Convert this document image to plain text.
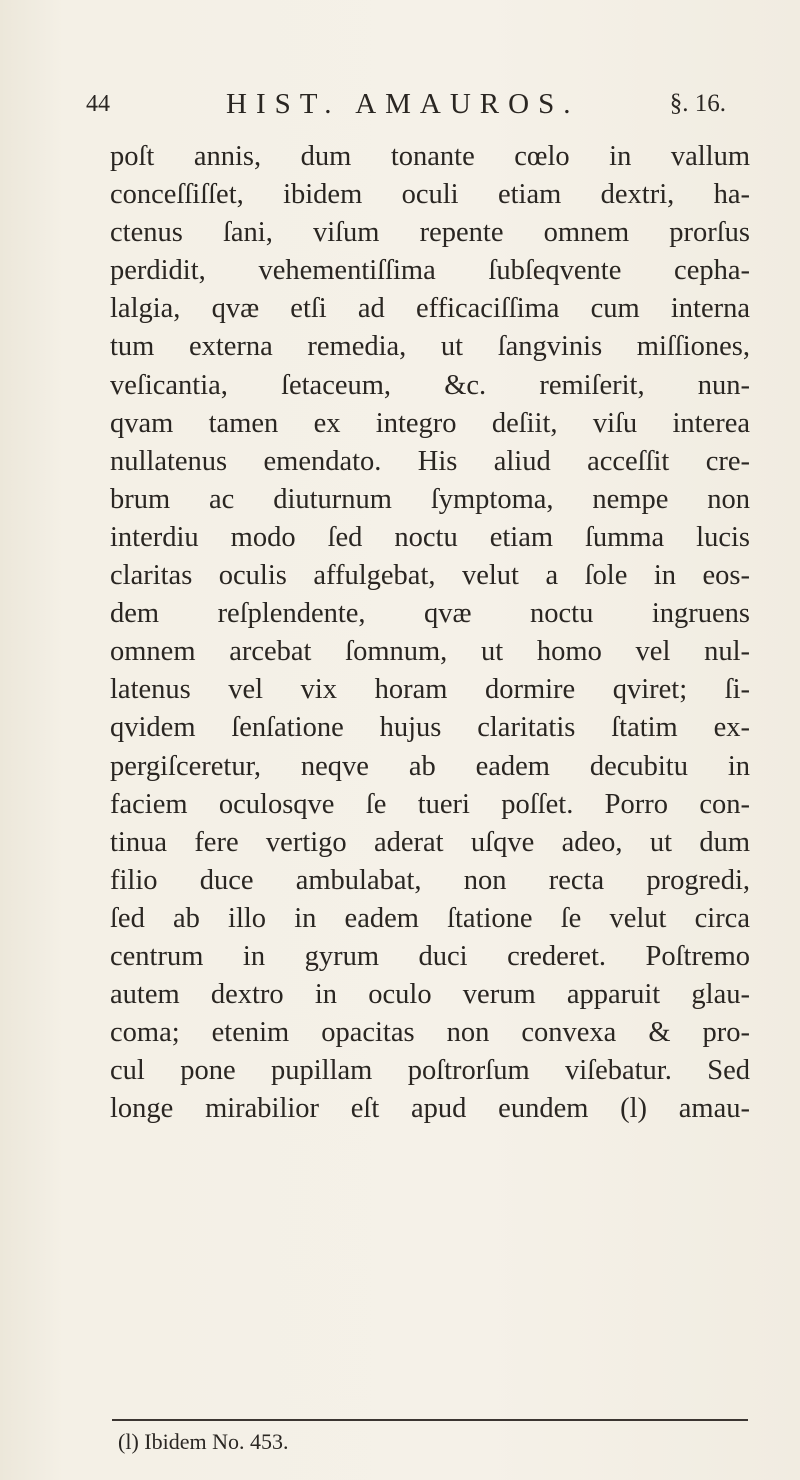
44	HIST. AMAUROS.	§. 16.
poſt annis, dum tonante cœlo in vallum
conceſſiſſet, ibidem oculi etiam dextri, ha-
ctenus ſani, viſum repente omnem prorſus
perdidit, vehementiſſima ſubſeqvente cepha-
lalgia, qvæ etſi ad efficaciſſima cum interna
tum externa remedia, ut ſangvinis miſſiones,
veſicantia, ſetaceum, &c. remiſerit, nun-
qvam tamen ex integro deſiit, viſu interea
nullatenus emendato. His aliud acceſſit cre-
brum ac diuturnum ſymptoma, nempe non
interdiu modo ſed noctu etiam ſumma lucis
claritas oculis affulgebat, velut a ſole in eos-
dem reſplendente, qvæ noctu ingruens
omnem arcebat ſomnum, ut homo vel nul-
latenus vel vix horam dormire qviret; ſi-
qvidem ſenſatione hujus claritatis ſtatim ex-
pergiſceretur, neqve ab eadem decubitu in
faciem oculosqve ſe tueri poſſet. Porro con-
tinua fere vertigo aderat uſqve adeo, ut dum
filio duce ambulabat, non recta progredi,
ſed ab illo in eadem ſtatione ſe velut circa
centrum in gyrum duci crederet. Poſtremo
autem dextro in oculo verum apparuit glau-
coma; etenim opacitas non convexa & pro-
cul pone pupillam poſtrorſum viſebatur. Sed
longe mirabilior eſt apud eundem (l) amau-
(l) Ibidem No. 453.
